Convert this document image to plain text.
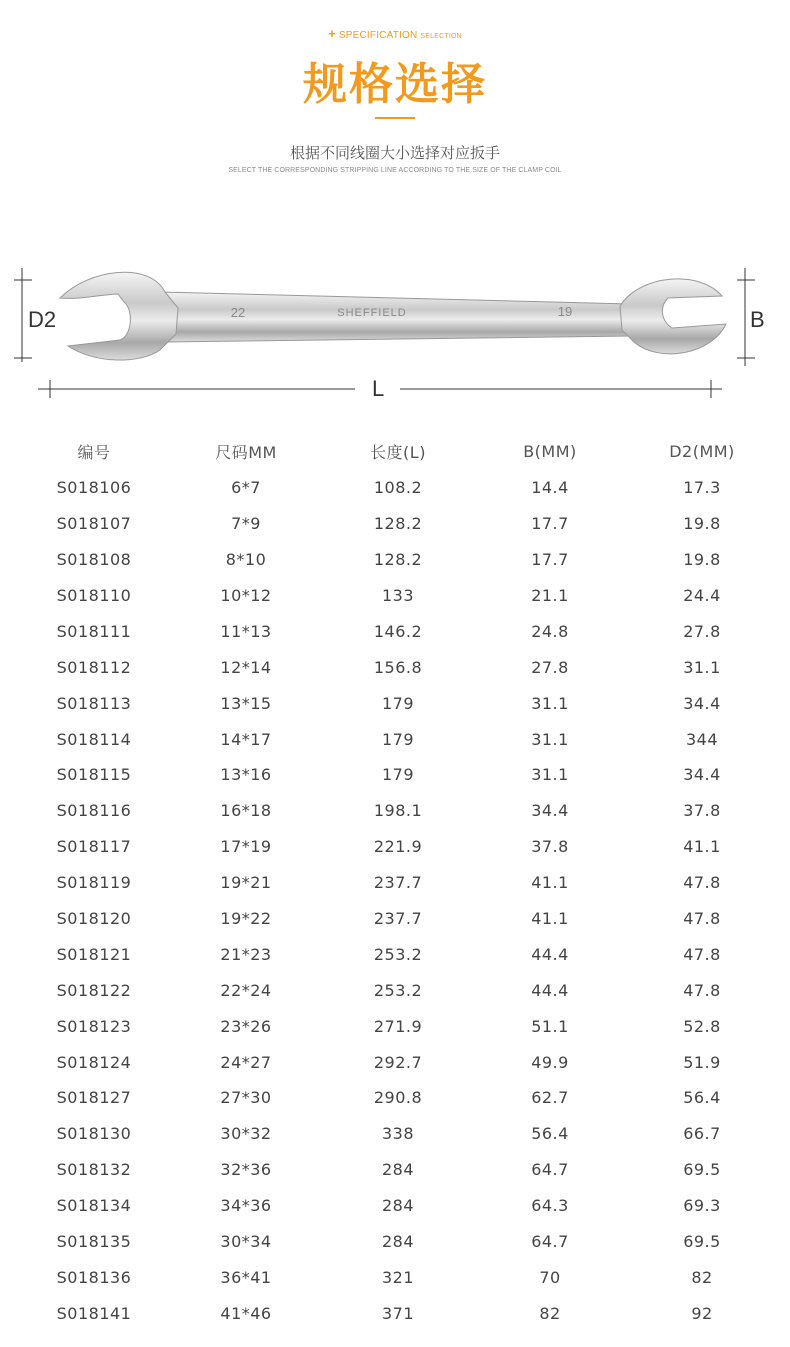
+ SPECIFICATION SELECTION
规格选择
根据不同线圈大小选择对应扳手
SELECT THE CORRESPONDING STRIPPING LINE ACCORDING TO THE SIZE OF THE CLAMP COIL
22	SHEFFIELD	19
D2	B
L
编号	尺码MM	长度(L)	B(MM)	D2(MM)
S018106	6*7	108.2	14.4	17.3
S018107	7*9	128.2	17.7	19.8
S018108	8*10	128.2	17.7	19.8
S018110	10*12	133	21.1	24.4
S018111	11*13	146.2	24.8	27.8
S018112	12*14	156.8	27.8	31.1
S018113	13*15	179	31.1	34.4
S018114	14*17	179	31.1	344
S018115	13*16	179	31.1	34.4
S018116	16*18	198.1	34.4	37.8
S018117	17*19	221.9	37.8	41.1
S018119	19*21	237.7	41.1	47.8
S018120	19*22	237.7	41.1	47.8
S018121	21*23	253.2	44.4	47.8
S018122	22*24	253.2	44.4	47.8
S018123	23*26	271.9	51.1	52.8
S018124	24*27	292.7	49.9	51.9
S018127	27*30	290.8	62.7	56.4
S018130	30*32	338	56.4	66.7
S018132	32*36	284	64.7	69.5
S018134	34*36	284	64.3	69.3
S018135	30*34	284	64.7	69.5
S018136	36*41	321	70	82
S018141	41*46	371	82	92
